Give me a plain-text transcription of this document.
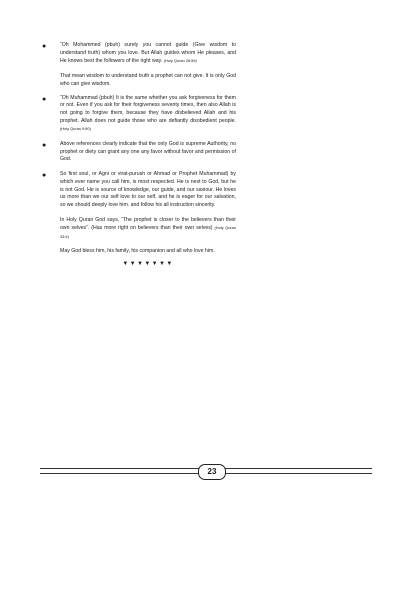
●	“Oh Mohammed (pbuh) surely you cannot guide (Give wisdom to understand truth) whom you love. But Allah guides whom He pleases, and He knows best the followers of the right way. (Holy Quran 28:56)

That mean wisdom to understand truth a prophet can not give. It is only God who can give wisdom.

●	“Oh Muhammad (pbuh) It is the same whether you ask forgiveness for them or not. Even if you ask for their forgiveness seventy times, then also Allah is not going to forgive them, because they have disbelieved Allah and his prophet. Allah does not guide those who are defiantly disobedient people. (Holy Quran 9:80)

●	Above references clearly indicate that the only God is supreme Authority, no prophet or diety can grant any one any favor without favor and permission of God.

●	So first soul, or Agni or virat-purush or Ahmad or Prophet Muhammad) by which ever name you call him, is most respected. He is next to God, but he is not God. He is source of knowledge, our guide, and our saviour. He loves us more than we our self love to our self, and he is eager for our salvation, so we should deeply love him. and follow his all instruction sincerity.

In Holy Quran God says, “The prophet is closer to the believers than their own selves”. (Has more right on believers than their own selves) (Holy Quran 33:6)

May God bless him, his family, his companion and all who love him.

▼▼▼▼▼▼▼
23
